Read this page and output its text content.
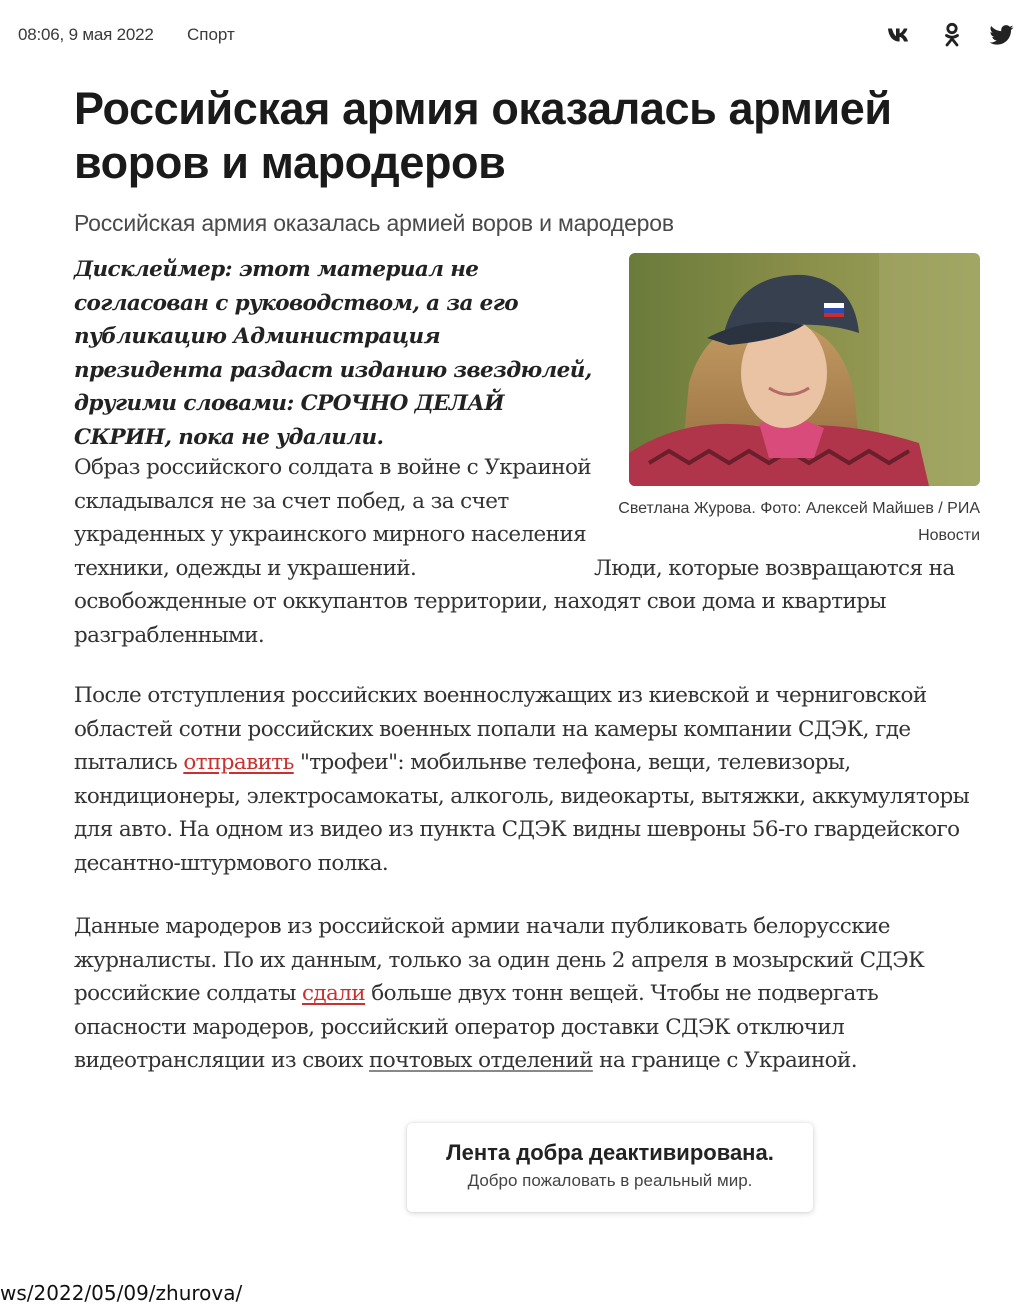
08:06, 9 мая 2022 Спорт
Российская армия оказалась армией воров и мародеров

Российская армия оказалась армией воров и мародеров

Светлана Журова. Фото: Алексей Майшев / РИА Новости

Дисклеймер: этот материал не согласован с руководством, а за его публикацию Администрация президента раздаст изданию звездюлей, другими словами: СРОЧНО ДЕЛАЙ СКРИН, пока не удалили.

Образ российского солдата в войне с Украиной складывался не за счет побед, а за счет украденных у украинского мирного населения техники, одежды и украшений.	Люди, которые возвращаются на освобожденные от оккупантов территории, находят свои дома и квартиры разграбленными.

После отступления российских военнослужащих из киевской и черниговской областей сотни российских военных попали на камеры компании СДЭК, где пытались отправить "трофеи": мобильнве телефона, вещи, телевизоры, кондиционеры, электросамокаты, алкоголь, видеокарты, вытяжки, аккумуляторы для авто. На одном из видео из пункта СДЭК видны шевроны 56-го гвардейского десантно-штурмового полка.

Данные мародеров из российской армии начали публиковать белорусские журналисты. По их данным, только за один день 2 апреля в мозырский СДЭК российские солдаты сдали больше двух тонн вещей. Чтобы не подвергать опасности мародеров, российский оператор доставки СДЭК отключил видеотрансляции из своих почтовых отделений на границе с Украиной.

Лента добра деактивирована.
Добро пожаловать в реальный мир.
ws/2022/05/09/zhurova/
